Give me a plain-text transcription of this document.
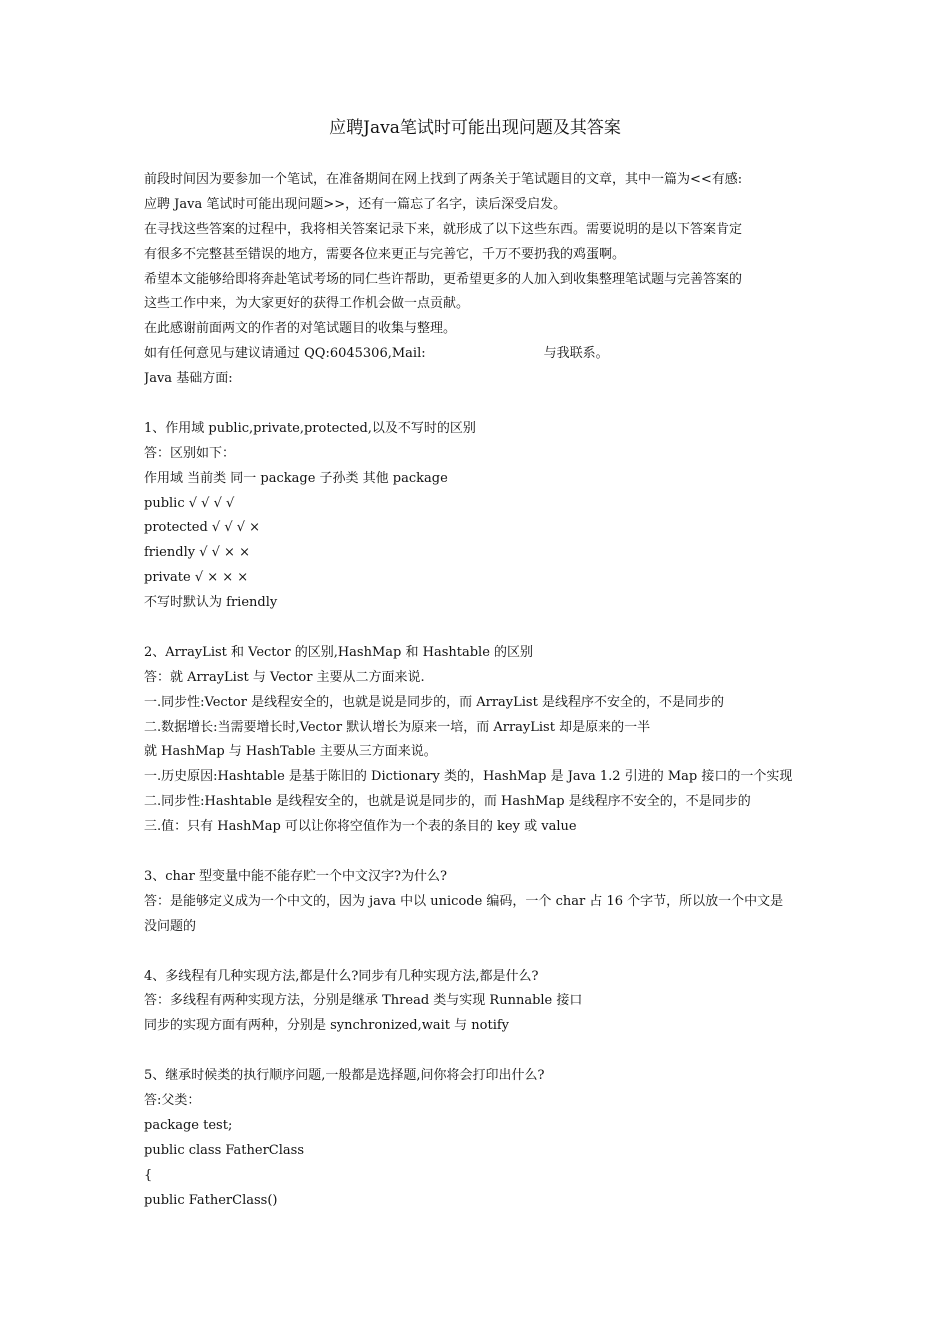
应聘Java笔试时可能出现问题及其答案
前段时间因为要参加一个笔试，在准备期间在网上找到了两条关于笔试题目的文章，其中一篇为<<有感:
应聘 Java 笔试时可能出现问题>>，还有一篇忘了名字，读后深受启发。
在寻找这些答案的过程中，我将相关答案记录下来，就形成了以下这些东西。需要说明的是以下答案肯定
有很多不完整甚至错误的地方，需要各位来更正与完善它，千万不要扔我的鸡蛋啊。
希望本文能够给即将奔赴笔试考场的同仁些许帮助，更希望更多的人加入到收集整理笔试题与完善答案的
这些工作中来，为大家更好的获得工作机会做一点贡献。
在此感谢前面两文的作者的对笔试题目的收集与整理。
如有任何意见与建议请通过 QQ:6045306,Mail:	与我联系。
Java 基础方面:
1、作用域 public,private,protected,以及不写时的区别
答：区别如下：
作用域 当前类 同一 package 子孙类 其他 package
public √ √ √ √
protected √ √ √ ×
friendly √ √ × ×
private √ × × ×
不写时默认为 friendly
2、ArrayList 和 Vector 的区别,HashMap 和 Hashtable 的区别
答：就 ArrayList 与 Vector 主要从二方面来说.
一.同步性:Vector 是线程安全的，也就是说是同步的，而 ArrayList 是线程序不安全的，不是同步的
二.数据增长:当需要增长时,Vector 默认增长为原来一培，而 ArrayList 却是原来的一半
就 HashMap 与 HashTable 主要从三方面来说。
一.历史原因:Hashtable 是基于陈旧的 Dictionary 类的，HashMap 是 Java 1.2 引进的 Map 接口的一个实现
二.同步性:Hashtable 是线程安全的，也就是说是同步的，而 HashMap 是线程序不安全的，不是同步的
三.值：只有 HashMap 可以让你将空值作为一个表的条目的 key 或 value
3、char 型变量中能不能存贮一个中文汉字?为什么?
答：是能够定义成为一个中文的，因为 java 中以 unicode 编码，一个 char 占 16 个字节，所以放一个中文是
没问题的
4、多线程有几种实现方法,都是什么?同步有几种实现方法,都是什么?
答：多线程有两种实现方法，分别是继承 Thread 类与实现 Runnable 接口
同步的实现方面有两种，分别是 synchronized,wait 与 notify
5、继承时候类的执行顺序问题,一般都是选择题,问你将会打印出什么?
答:父类：
package test;
public class FatherClass
{
public FatherClass()
